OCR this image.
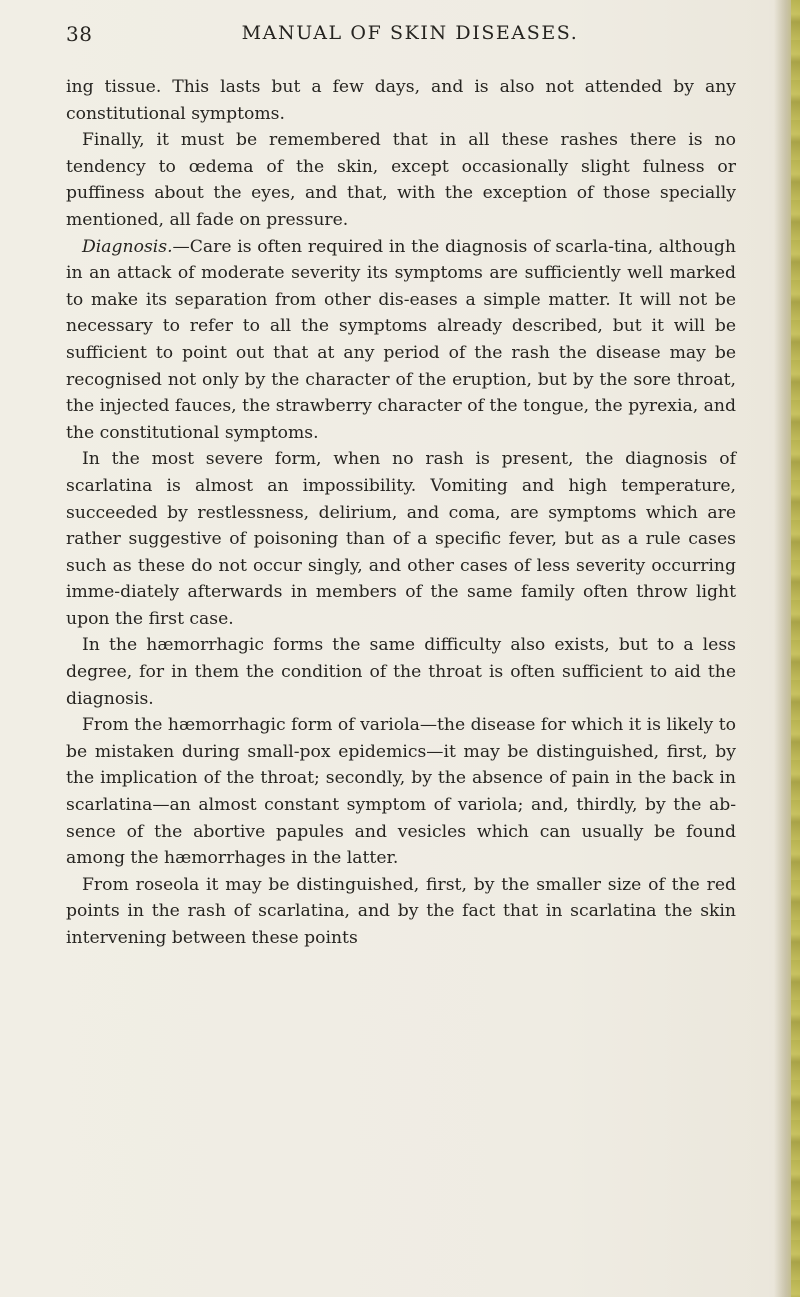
38	MANUAL OF SKIN DISEASES.

ing tissue. This lasts but a few days, and is also not attended by any constitutional symptoms.

Finally, it must be remembered that in all these rashes there is no tendency to œdema of the skin, except occasionally slight fulness or puffiness about the eyes, and that, with the exception of those specially mentioned, all fade on pressure.

Diagnosis.—Care is often required in the diagnosis of scarla-tina, although in an attack of moderate severity its symptoms are sufficiently well marked to make its separation from other dis-eases a simple matter. It will not be necessary to refer to all the symptoms already described, but it will be sufficient to point out that at any period of the rash the disease may be recognised not only by the character of the eruption, but by the sore throat, the injected fauces, the strawberry character of the tongue, the pyrexia, and the constitutional symptoms.

In the most severe form, when no rash is present, the diagnosis of scarlatina is almost an impossibility. Vomiting and high temperature, succeeded by restlessness, delirium, and coma, are symptoms which are rather suggestive of poisoning than of a specific fever, but as a rule cases such as these do not occur singly, and other cases of less severity occurring imme-diately afterwards in members of the same family often throw light upon the first case.

In the hæmorrhagic forms the same difficulty also exists, but to a less degree, for in them the condition of the throat is often sufficient to aid the diagnosis.

From the hæmorrhagic form of variola—the disease for which it is likely to be mistaken during small-pox epidemics—it may be distinguished, first, by the implication of the throat; secondly, by the absence of pain in the back in scarlatina—an almost constant symptom of variola; and, thirdly, by the ab-sence of the abortive papules and vesicles which can usually be found among the hæmorrhages in the latter.

From roseola it may be distinguished, first, by the smaller size of the red points in the rash of scarlatina, and by the fact that in scarlatina the skin intervening between these points
